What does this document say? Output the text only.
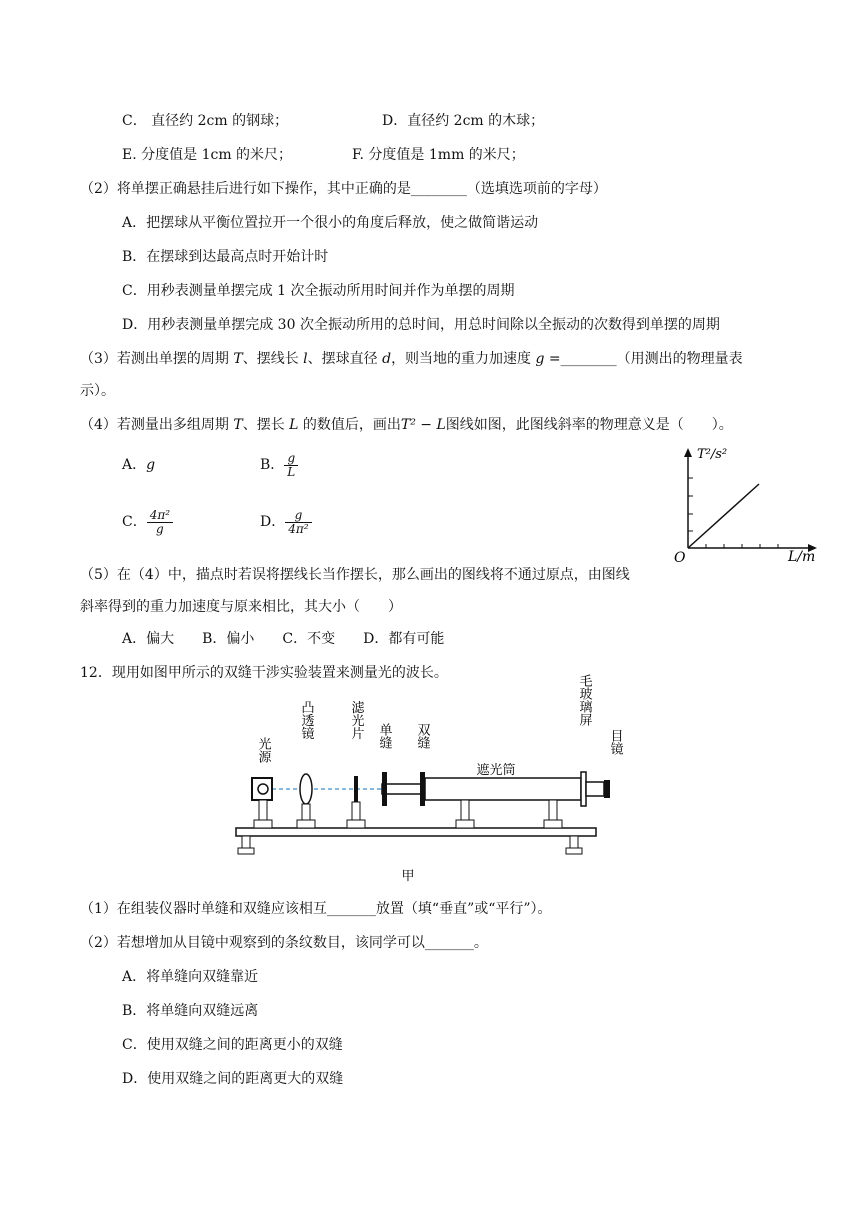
C． 直径约 2cm 的钢球；	D．直径约 2cm 的木球；
E. 分度值是 1cm 的米尺；	F. 分度值是 1mm 的米尺；
（2）将单摆正确悬挂后进行如下操作，其中正确的是________（选填选项前的字母）
A．把摆球从平衡位置拉开一个很小的角度后释放，使之做简谐运动
B．在摆球到达最高点时开始计时
C．用秒表测量单摆完成 1 次全振动所用时间并作为单摆的周期
D．用秒表测量单摆完成 30 次全振动所用的总时间，用总时间除以全振动的次数得到单摆的周期
（3）若测出单摆的周期 T、摆线长 l、摆球直径 d，则当地的重力加速度 g =________（用测出的物理量表
示）。
（4）若测量出多组周期 T、摆长 L 的数值后，画出T² − L图线如图，此图线斜率的物理意义是（　　）。
A．g	B． $\frac{g}{L}$
C． $\frac{\text{4π²}}{g}$	D． $\frac{g}{\text{4π²}}$
T²/s²
O	L/m
（5）在（4）中，描点时若误将摆线长当作摆长，那么画出的图线将不通过原点，由图线
斜率得到的重力加速度与原来相比，其大小（　　）
A．偏大　　B．偏小　　C．不变　　D．都有可能
12．现用如图甲所示的双缝干涉实验装置来测量光的波长。
光源
凸透镜	滤光片 单缝 双缝
遮光筒
毛玻璃屏
目镜
甲
（1）在组装仪器时单缝和双缝应该相互_______放置（填“垂直”或“平行”）。
（2）若想增加从目镜中观察到的条纹数目，该同学可以_______。
A．将单缝向双缝靠近
B．将单缝向双缝远离
C．使用双缝之间的距离更小的双缝
D．使用双缝之间的距离更大的双缝
